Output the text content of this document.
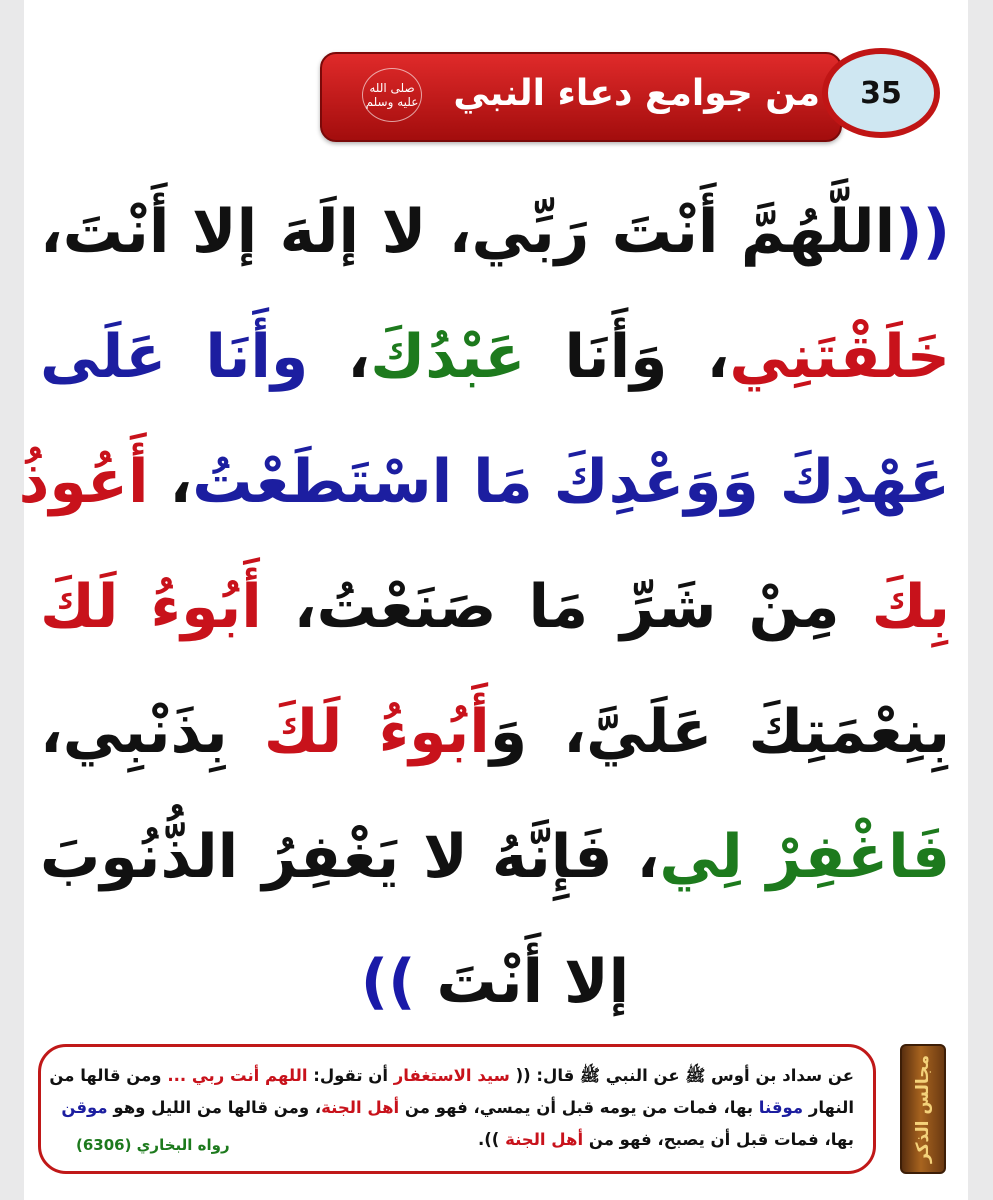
من جوامع دعاء النبي
صلى الله عليه وسلم	35
((اللَّهُمَّ أَنْتَ رَبِّي، لا إلَهَ إلا أَنْتَ،
خَلَقْتَنِي، وَأَنَا عَبْدُكَ، وأَنَا عَلَى
عَهْدِكَ وَوَعْدِكَ مَا اسْتَطَعْتُ، أَعُوذُ
بِكَ مِنْ شَرِّ مَا صَنَعْتُ، أَبُوءُ لَكَ
بِنِعْمَتِكَ عَلَيَّ، وَأَبُوءُ لَكَ بِذَنْبِي،
فَاغْفِرْ لِي، فَإِنَّهُ لا يَغْفِرُ الذُّنُوبَ
إلا أَنْتَ ))
عن سداد بن أوس ﷺ عن النبي ﷺ قال: (( سيد الاستغفار أن تقول: اللهم أنت ربي ... ومن قالها من
النهار موقنا بها، فمات من يومه قبل أن يمسي، فهو من أهل الجنة، ومن قالها من الليل وهو موقن
بها، فمات قبل أن يصبح، فهو من أهل الجنة )).
رواه البخاري (6306)	مجالس الذكر
